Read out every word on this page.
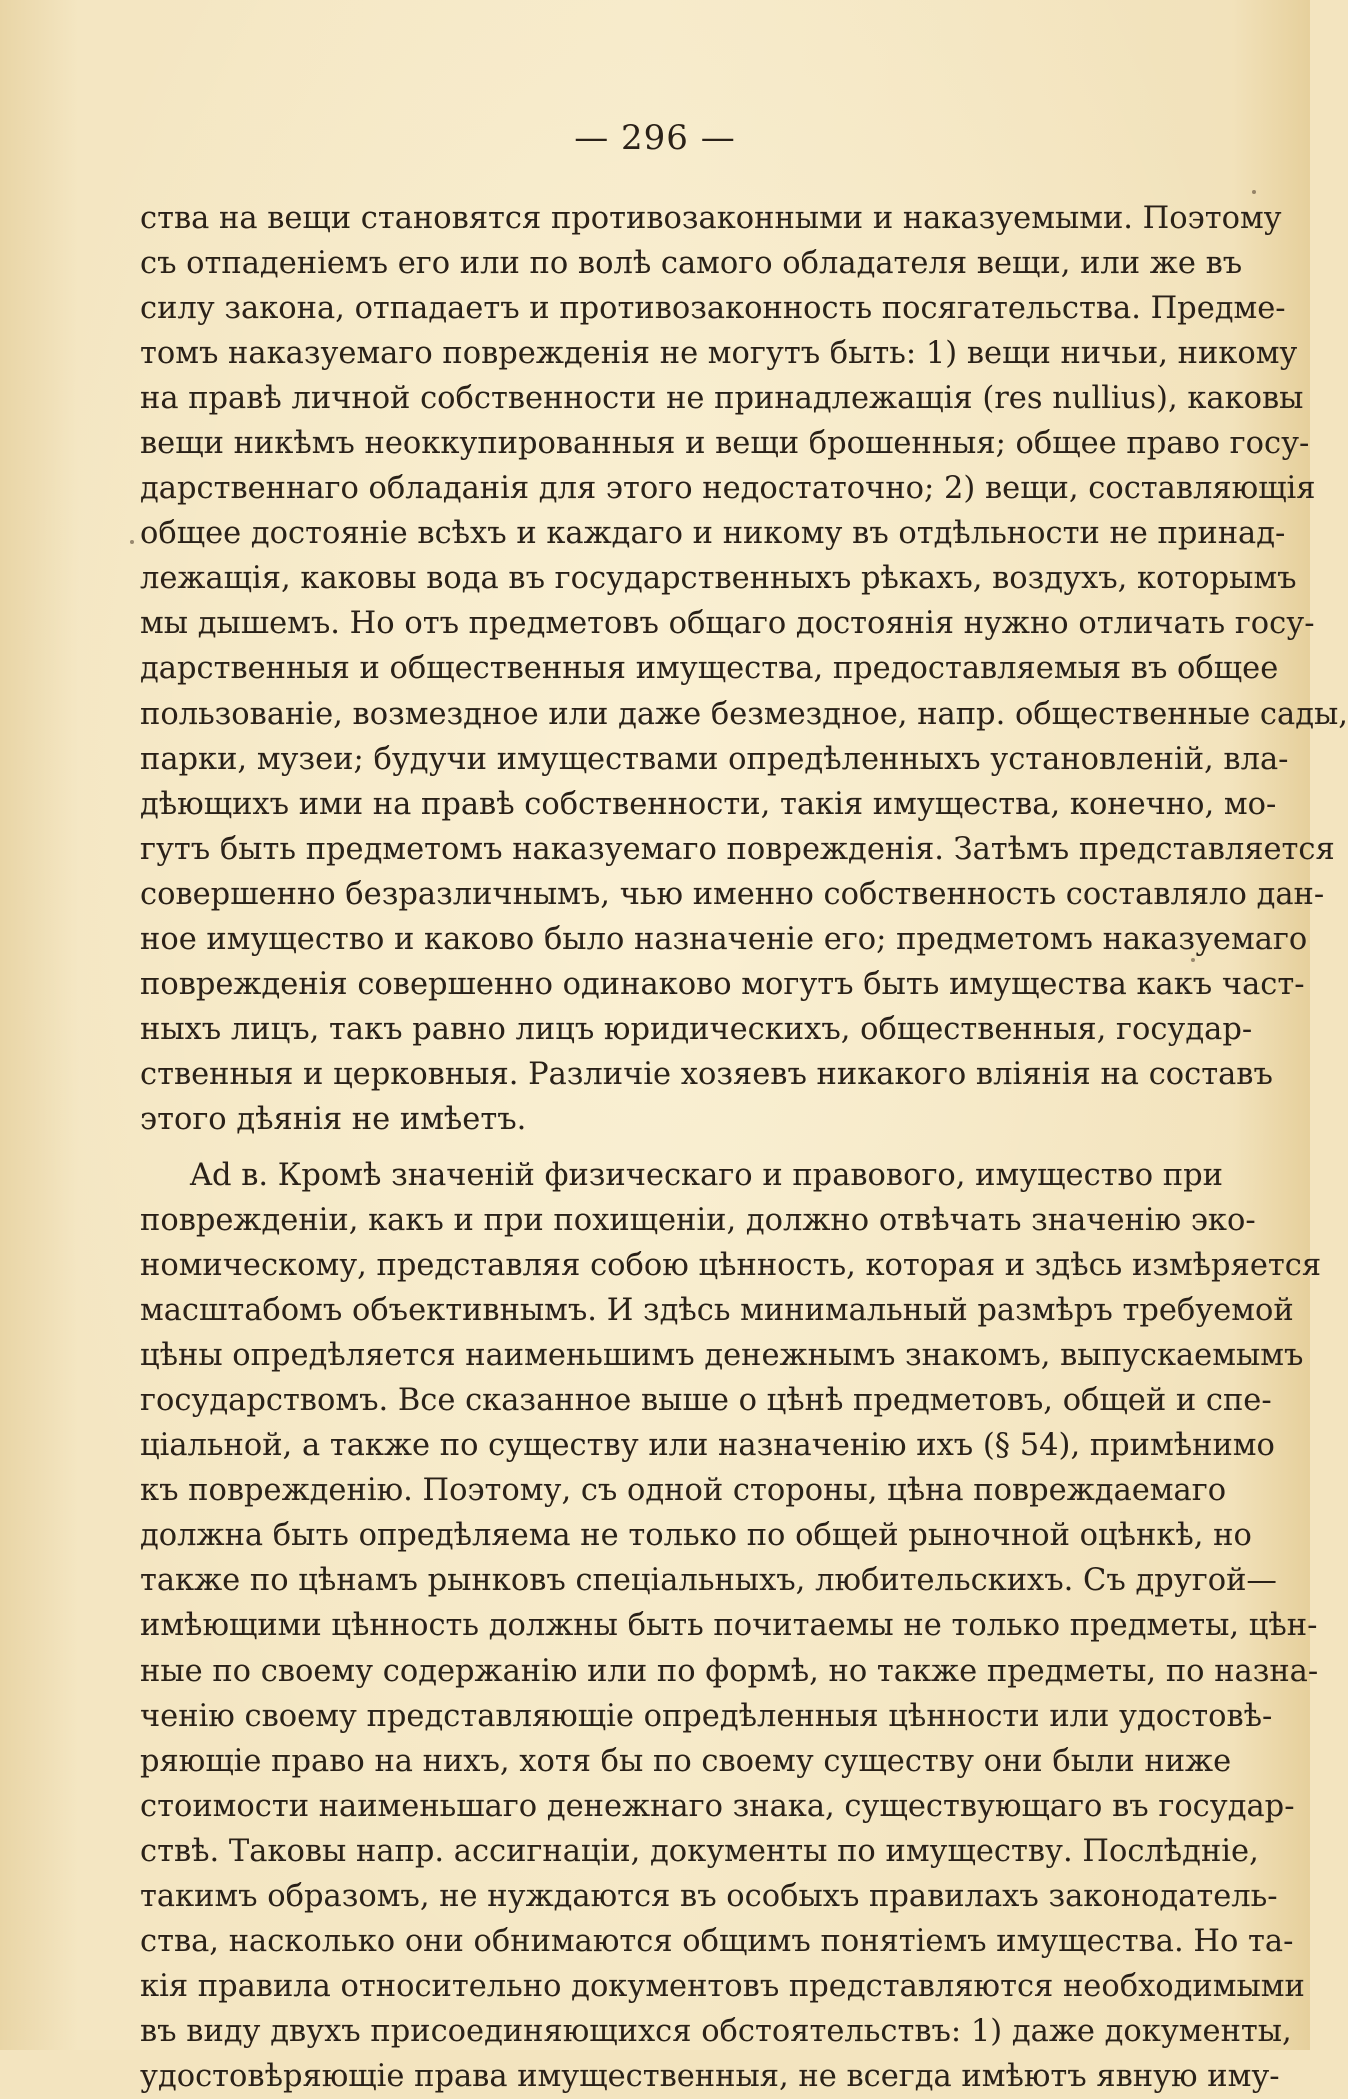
— 296 —
ства на вещи становятся противозаконными и наказуемыми. Поэтому
съ отпаденіемъ его или по волѣ самого обладателя вещи, или же въ
силу закона, отпадаетъ и противозаконность посягательства. Предме-
томъ наказуемаго поврежденія не могутъ быть: 1) вещи ничьи, никому
на правѣ личной собственности не принадлежащія (res nullius), каковы
вещи никѣмъ неоккупированныя и вещи брошенныя; общее право госу-
дарственнаго обладанія для этого недостаточно; 2) вещи, составляющія
общее достояніе всѣхъ и каждаго и никому въ отдѣльности не принад-
лежащія, каковы вода въ государственныхъ рѣкахъ, воздухъ, которымъ
мы дышемъ. Но отъ предметовъ общаго достоянія нужно отличать госу-
дарственныя и общественныя имущества, предоставляемыя въ общее
пользованіе, возмездное или даже безмездное, напр. общественные сады,
парки, музеи; будучи имуществами опредѣленныхъ установленій, вла-
дѣющихъ ими на правѣ собственности, такія имущества, конечно, мо-
гутъ быть предметомъ наказуемаго поврежденія. Затѣмъ представляется
совершенно безразличнымъ, чью именно собственность составляло дан-
ное имущество и каково было назначеніе его; предметомъ наказуемаго
поврежденія совершенно одинаково могутъ быть имущества какъ част-
ныхъ лицъ, такъ равно лицъ юридическихъ, общественныя, государ-
ственныя и церковныя. Различіе хозяевъ никакого вліянія на составъ
этого дѣянія не имѣетъ.
Ad в. Кромѣ значеній физическаго и правового, имущество при
поврежденіи, какъ и при похищеніи, должно отвѣчать значенію эко-
номическому, представляя собою цѣнность, которая и здѣсь измѣряется
масштабомъ объективнымъ. И здѣсь минимальный размѣръ требуемой
цѣны опредѣляется наименьшимъ денежнымъ знакомъ, выпускаемымъ
государствомъ. Все сказанное выше о цѣнѣ предметовъ, общей и спе-
ціальной, а также по существу или назначенію ихъ (§ 54), примѣнимо
къ поврежденію. Поэтому, съ одной стороны, цѣна повреждаемаго
должна быть опредѣляема не только по общей рыночной оцѣнкѣ, но
также по цѣнамъ рынковъ спеціальныхъ, любительскихъ. Съ другой—
имѣющими цѣнность должны быть почитаемы не только предметы, цѣн-
ные по своему содержанію или по формѣ, но также предметы, по назна-
ченію своему представляющіе опредѣленныя цѣнности или удостовѣ-
ряющіе право на нихъ, хотя бы по своему существу они были ниже
стоимости наименьшаго денежнаго знака, существующаго въ государ-
ствѣ. Таковы напр. ассигнаціи, документы по имуществу. Послѣдніе,
такимъ образомъ, не нуждаются въ особыхъ правилахъ законодатель-
ства, насколько они обнимаются общимъ понятіемъ имущества. Но та-
кія правила относительно документовъ представляются необходимыми
въ виду двухъ присоединяющихся обстоятельствъ: 1) даже документы,
удостовѣряющіе права имущественныя, не всегда имѣютъ явную иму-
